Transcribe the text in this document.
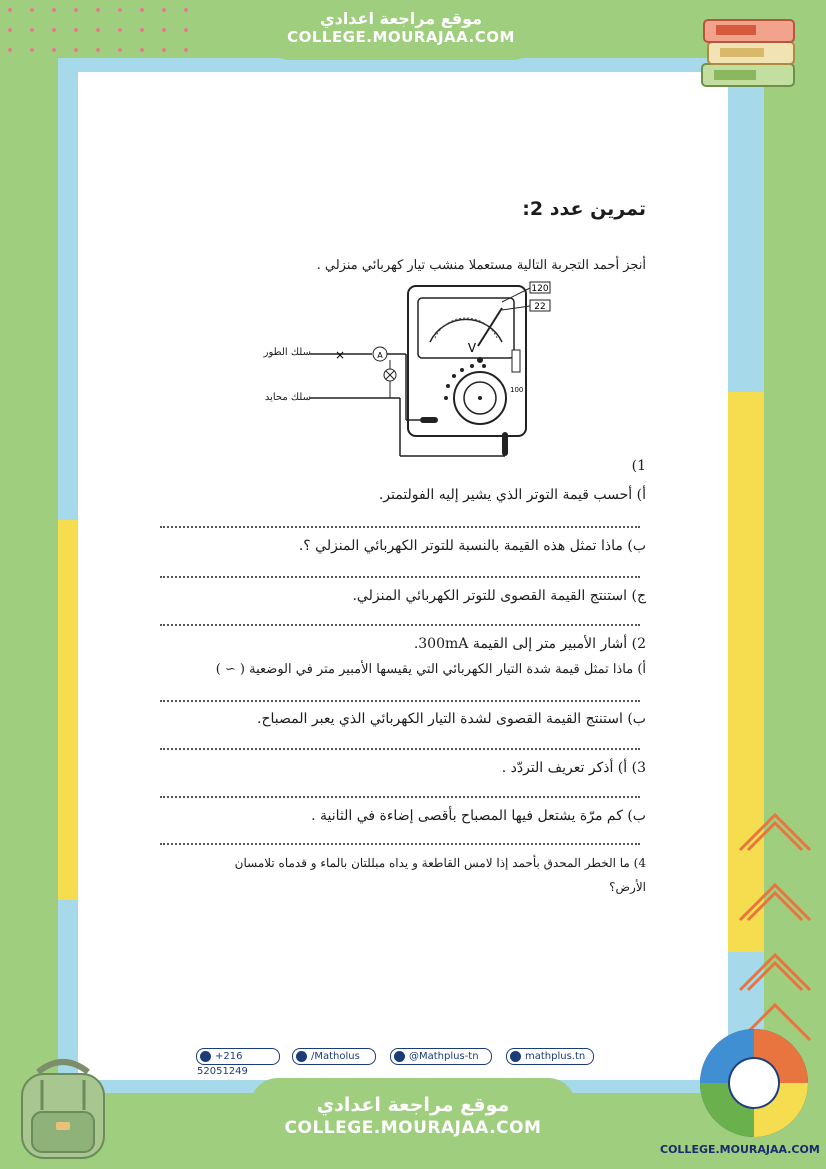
موقع مراجعة اعدادي
COLLEGE.MOURAJAA.COM
تمرين عدد 2:
أنجز أحمد التجربة التالية مستعملا منشب تيار كهربائي منزلي .
120
22
V
100
×	A
سلك الطور
سلك محايد
1)
أ) أحسب قيمة التوتر الذي يشير إليه الفولتمتر.
ب) ماذا تمثل هذه القيمة بالنسبة للتوتر الكهربائي المنزلي ؟.
ج) استنتج القيمة القصوى للتوتر الكهربائي المنزلي.
2) أشار الأمبير متر إلى القيمة 300mA.
أ) ماذا تمثل قيمة شدة التيار الكهربائي التي يقيسها الأمبير متر في الوضعية ( ∼ )
ب) استنتج القيمة القصوى لشدة التيار الكهربائي الذي يعبر المصباح.
3) أ) أذكر تعريف التردّد .
ب) كم مرّة يشتعل فيها المصباح بأقصى إضاءة في الثانية .
4) ما الخطر المحدق بأحمد إذا لامس القاطعة و يداه مبللتان بالماء و قدماه تلامسان
الأرض؟
+216 52051249
/Matholus	@Mathplus-tn	mathplus.tn
موقع مراجعة اعدادي
COLLEGE.MOURAJAA.COM
COLLEGE.MOURAJAA.COM
